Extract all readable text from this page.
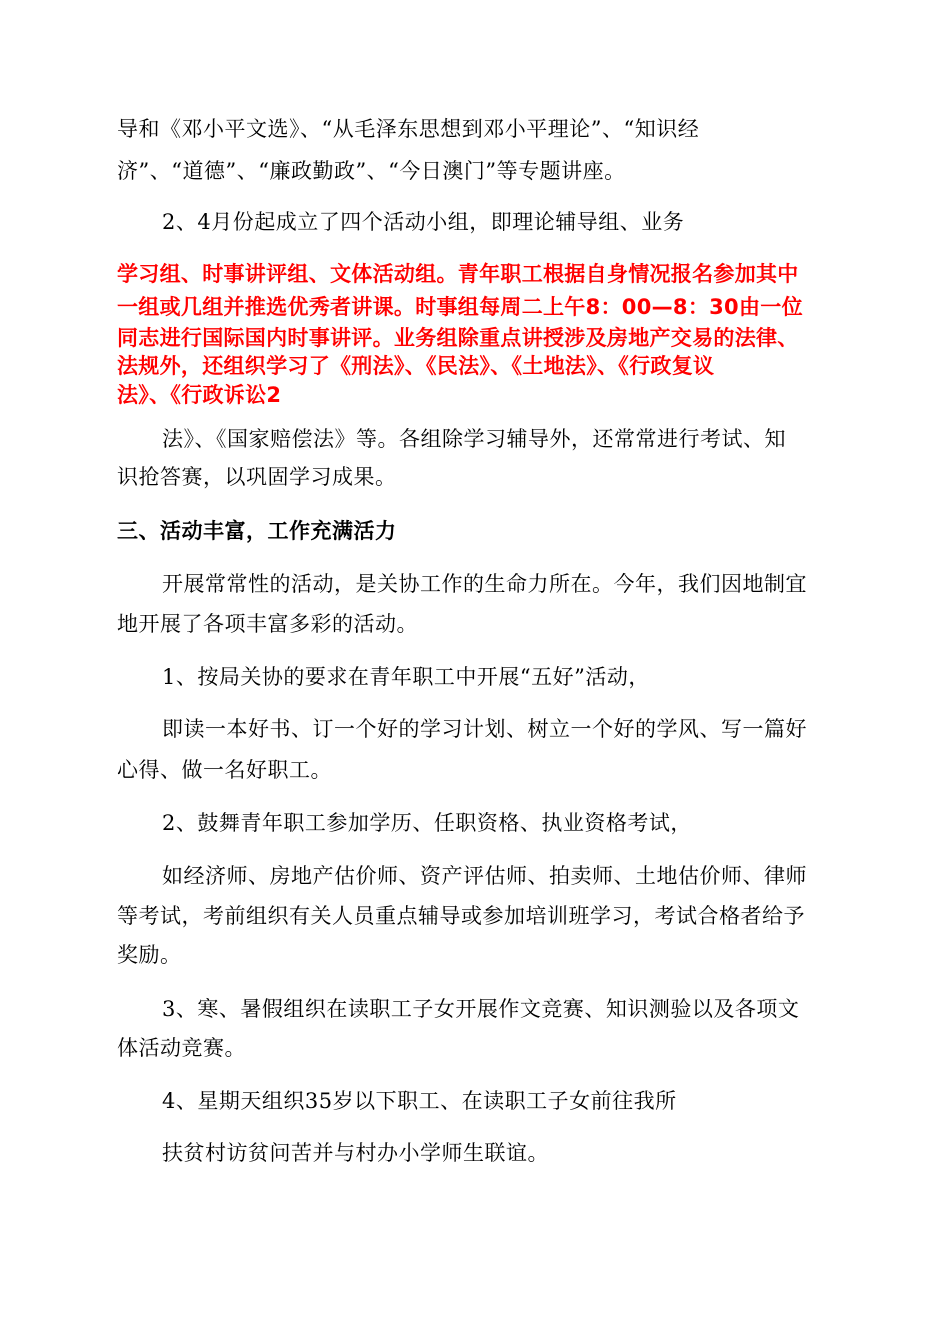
导和《邓小平文选》、“从毛泽东思想到邓小平理论”、“知识经
济”、“道德”、“廉政勤政”、“今日澳门”等专题讲座。
2、4月份起成立了四个活动小组，即理论辅导组、业务
学习组、时事讲评组、文体活动组。青年职工根据自身情况报名参加其中
一组或几组并推选优秀者讲课。时事组每周二上午8：00—8：30由一位
同志进行国际国内时事讲评。业务组除重点讲授涉及房地产交易的法律、
法规外，还组织学习了《刑法》、《民法》、《土地法》、《行政复议
法》、《行政诉讼2
法》、《国家赔偿法》等。各组除学习辅导外，还常常进行考试、知
识抢答赛，以巩固学习成果。
三、活动丰富，工作充满活力
开展常常性的活动，是关协工作的生命力所在。今年，我们因地制宜
地开展了各项丰富多彩的活动。
1、按局关协的要求在青年职工中开展“五好”活动，
即读一本好书、订一个好的学习计划、树立一个好的学风、写一篇好
心得、做一名好职工。
2、鼓舞青年职工参加学历、任职资格、执业资格考试，
如经济师、房地产估价师、资产评估师、拍卖师、土地估价师、律师
等考试，考前组织有关人员重点辅导或参加培训班学习，考试合格者给予
奖励。
3、寒、暑假组织在读职工子女开展作文竞赛、知识测验以及各项文
体活动竞赛。
4、星期天组织35岁以下职工、在读职工子女前往我所
扶贫村访贫问苦并与村办小学师生联谊。
